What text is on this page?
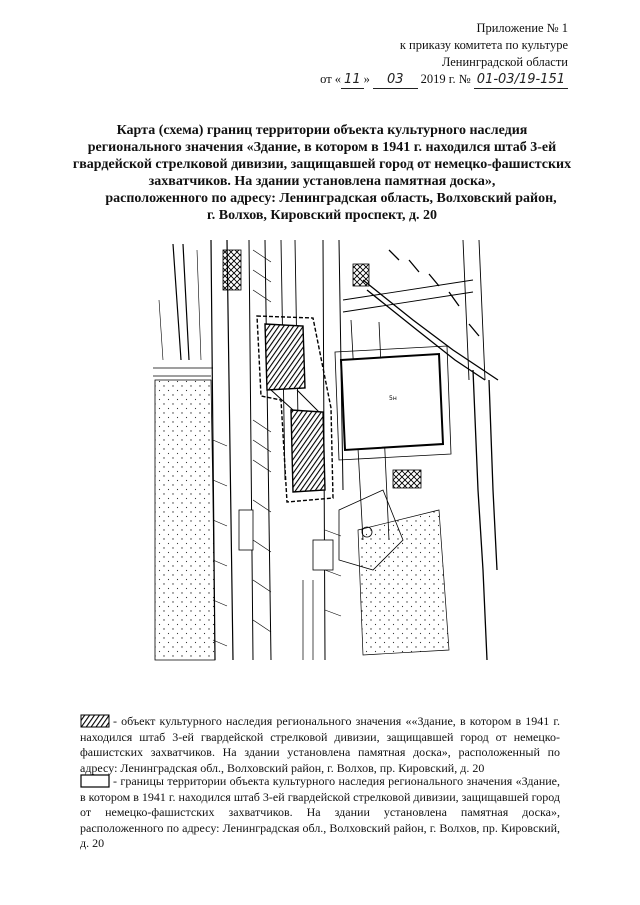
Приложение № 1
к приказу комитета по культуре
Ленинградской области
от « 11 » 03 2019 г. № 01-03/19-151
Карта (схема) границ территории объекта культурного наследия
регионального значения «Здание, в котором в 1941 г. находился штаб 3-ей
гвардейской стрелковой дивизии, защищавшей город от немецко-фашистских
захватчиков. На здании установлена памятная доска»,
расположенного по адресу: Ленинградская область, Волховский район,
г. Волхов, Кировский проспект, д. 20
5н
- объект культурного наследия регионального значения ««Здание, в котором в 1941 г. находился штаб 3-ей гвардейской стрелковой дивизии, защищавшей город от немецко-фашистских захватчиков. На здании установлена памятная доска», расположенный по адресу: Ленинградская обл., Волховский район, г. Волхов, пр. Кировский, д. 20
- границы территории объекта культурного наследия регионального значения «Здание, в котором в 1941 г. находился штаб 3-ей гвардейской стрелковой дивизии, защищавшей город от немецко-фашистских захватчиков. На здании установлена памятная доска», расположенного по адресу: Ленинградская обл., Волховский район, г. Волхов, пр. Кировский, д. 20
